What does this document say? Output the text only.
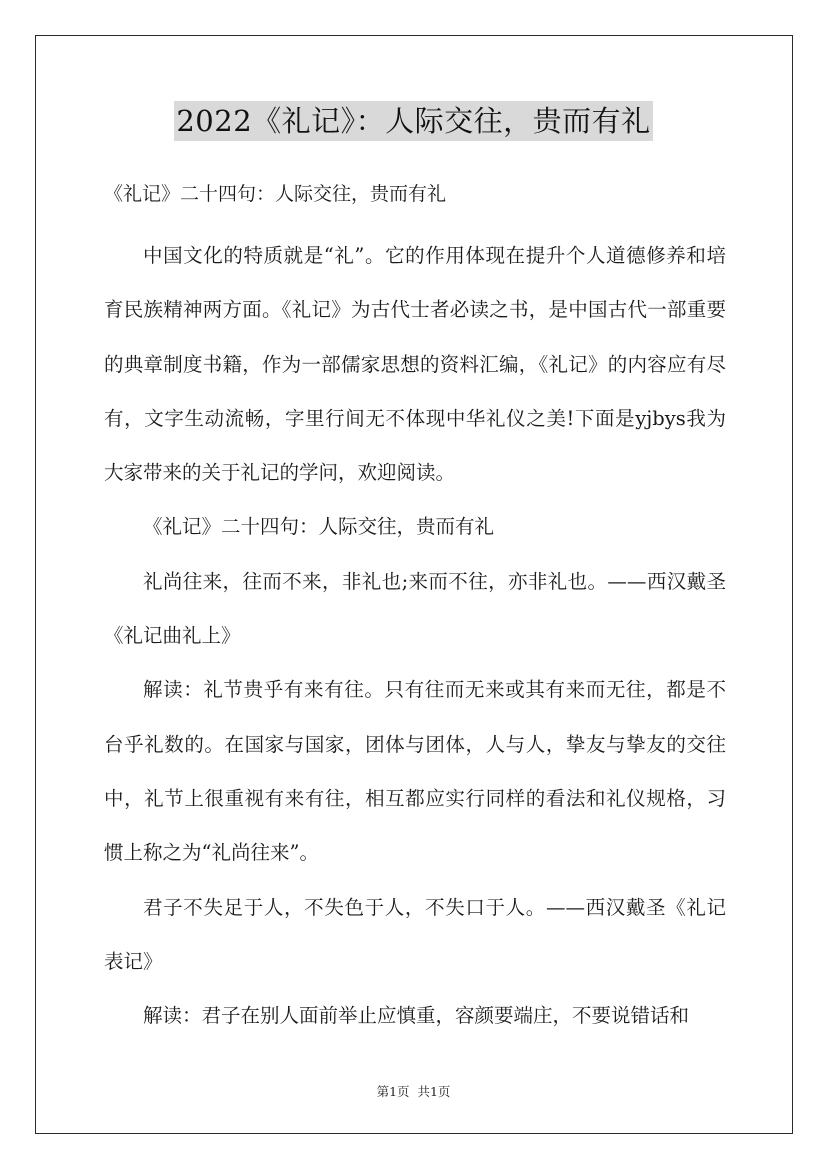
2022《礼记》：人际交往，贵而有礼
《礼记》二十四句：人际交往，贵而有礼

中国文化的特质就是“礼”。它的作用体现在提升个人道德修养和培育民族精神两方面。《礼记》为古代士者必读之书，是中国古代一部重要的典章制度书籍，作为一部儒家思想的资料汇编，《礼记》的内容应有尽有，文字生动流畅，字里行间无不体现中华礼仪之美!下面是yjbys我为大家带来的关于礼记的学问，欢迎阅读。

《礼记》二十四句：人际交往，贵而有礼

礼尚往来，往而不来，非礼也;来而不往，亦非礼也。——西汉戴圣《礼记曲礼上》

解读：礼节贵乎有来有往。只有往而无来或其有来而无往，都是不台乎礼数的。在国家与国家，团体与团体，人与人，挚友与挚友的交往中，礼节上很重视有来有往，相互都应实行同样的看法和礼仪规格，习惯上称之为“礼尚往来”。

君子不失足于人，不失色于人，不失口于人。——西汉戴圣《礼记表记》

解读：君子在别人面前举止应慎重，容颜要端庄，不要说错话和

第1页  共1页
